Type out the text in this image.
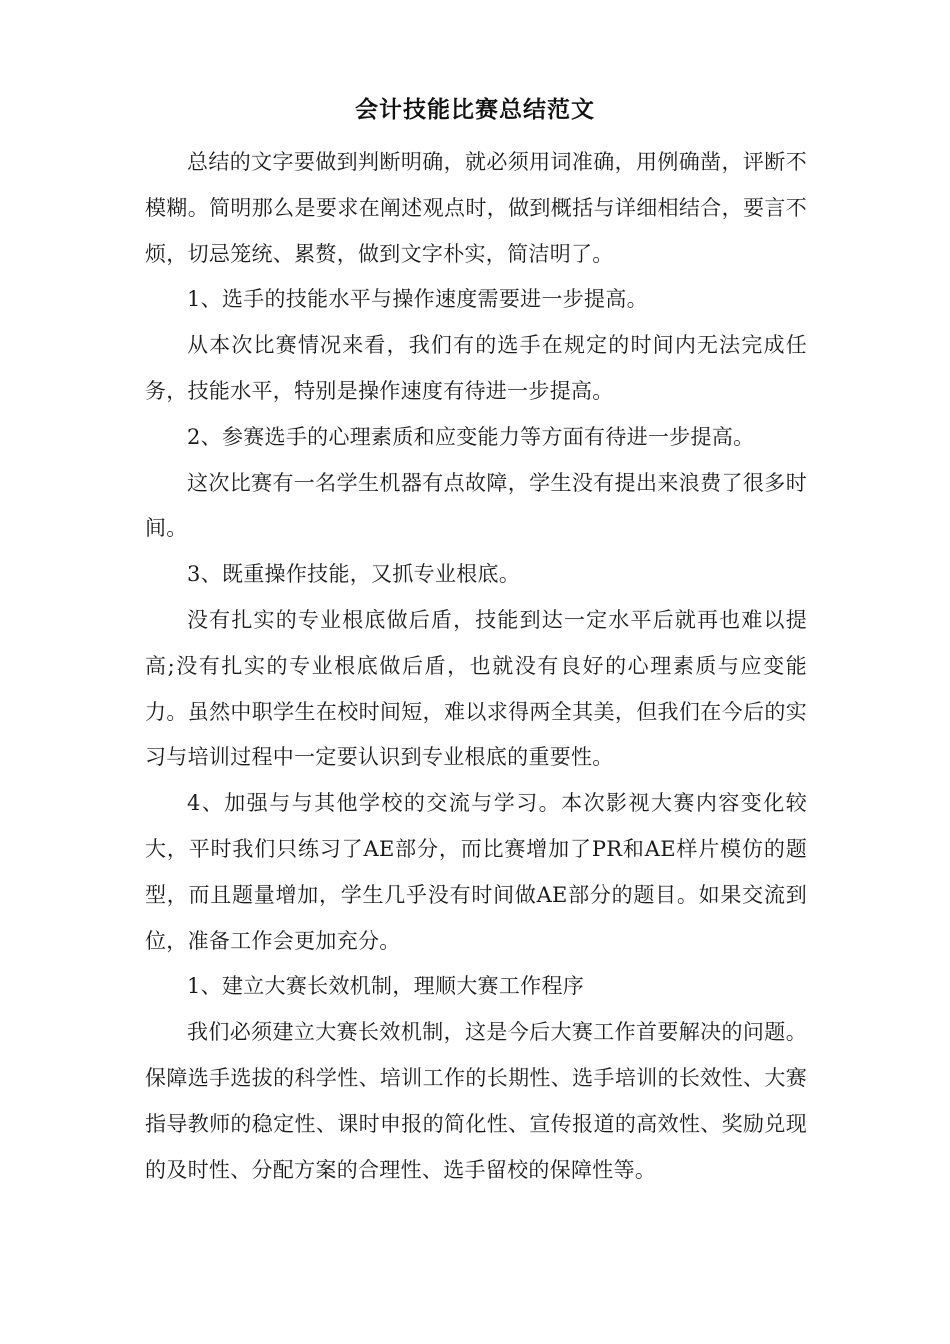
会计技能比赛总结范文

总结的文字要做到判断明确，就必须用词准确，用例确凿，评断不模糊。简明那么是要求在阐述观点时，做到概括与详细相结合，要言不烦，切忌笼统、累赘，做到文字朴实，简洁明了。

1、选手的技能水平与操作速度需要进一步提高。

从本次比赛情况来看，我们有的选手在规定的时间内无法完成任务，技能水平，特别是操作速度有待进一步提高。

2、参赛选手的心理素质和应变能力等方面有待进一步提高。

这次比赛有一名学生机器有点故障，学生没有提出来浪费了很多时间。

3、既重操作技能，又抓专业根底。

没有扎实的专业根底做后盾，技能到达一定水平后就再也难以提高;没有扎实的专业根底做后盾，也就没有良好的心理素质与应变能力。虽然中职学生在校时间短，难以求得两全其美，但我们在今后的实习与培训过程中一定要认识到专业根底的重要性。

4、加强与与其他学校的交流与学习。本次影视大赛内容变化较大，平时我们只练习了AE部分，而比赛增加了PR和AE样片模仿的题型，而且题量增加，学生几乎没有时间做AE部分的题目。如果交流到位，准备工作会更加充分。

1、建立大赛长效机制，理顺大赛工作程序

我们必须建立大赛长效机制，这是今后大赛工作首要解决的问题。保障选手选拔的科学性、培训工作的长期性、选手培训的长效性、大赛指导教师的稳定性、课时申报的简化性、宣传报道的高效性、奖励兑现的及时性、分配方案的合理性、选手留校的保障性等。
